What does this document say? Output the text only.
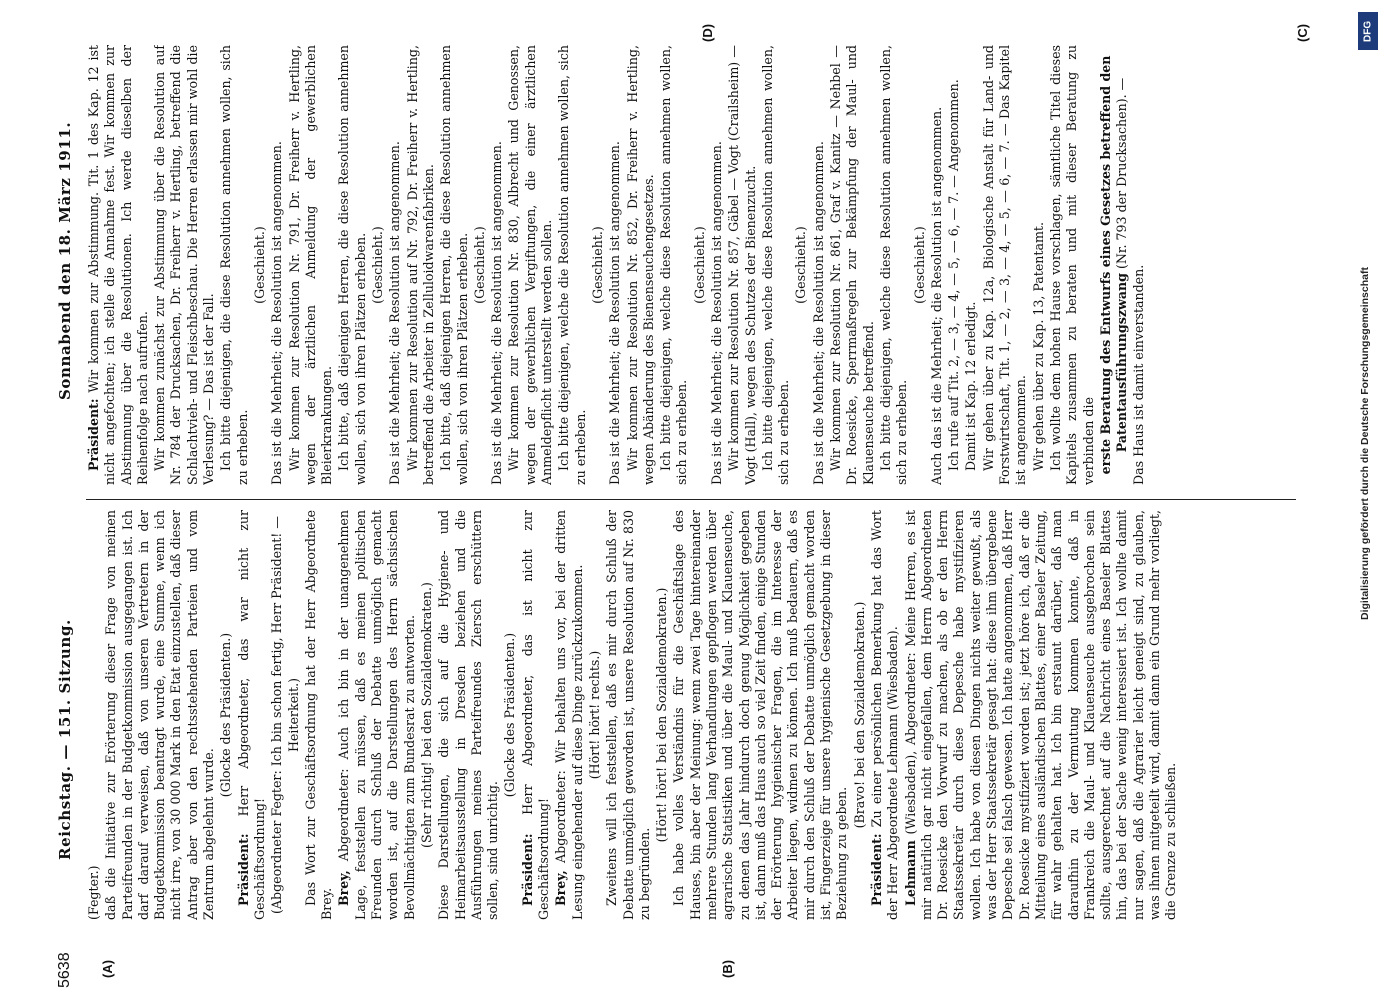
5638
Reichstag. — 151. Sitzung.
Sonnabend den 18. März 1911.
(A)	(B)
(C)
(D)

(Fegter.) daß die Initiative zur Erörterung dieser Frage von meinen Parteifreunden in der Budgetkommission ausgegangen ist. Ich darf darauf verweisen, daß von unseren Vertretern in der Budgetkommission beantragt wurde, eine Summe, wenn ich nicht irre, von 30 000 Mark in den Etat einzustellen, daß dieser Antrag aber von den rechtsstehenden Parteien und vom Zentrum abgelehnt wurde.

(Glocke des Präsidenten.)

Präsident: Herr Abgeordneter, das war nicht zur Geschäftsordnung! (Abgeordneter Fegter: Ich bin schon fertig, Herr Präsident! — Heiterkeit.) Das Wort zur Geschäftsordnung hat der Herr Abgeordnete Brey. Brey, Abgeordneter: Auch ich bin in der unangenehmen Lage, feststellen zu müssen, daß es meinen politischen Freunden durch Schluß der Debatte unmöglich gemacht worden ist, auf die Darstellungen des Herrn sächsischen Bevollmächtigten zum Bundesrat zu antworten. (Sehr richtig! bei den Sozialdemokraten.) Diese Darstellungen, die sich auf die Hygiene- und Heimarbeitsausstellung in Dresden beziehen und die Ausführungen meines Parteifreundes Ziersch erschüttern sollen, sind unrichtig.

(Glocke des Präsidenten.)

Präsident: Herr Abgeordneter, das ist nicht zur Geschäftsordnung! Brey, Abgeordneter: Wir behalten uns vor, bei der dritten Lesung eingehender auf diese Dinge zurückzukommen. (Hört! hört! rechts.) Zweitens will ich feststellen, daß es mir durch Schluß der Debatte unmöglich geworden ist, unsere Resolution auf Nr. 830 zu begründen.

(Hört! hört! bei den Sozialdemokraten.) Ich habe volles Verständnis für die Geschäftslage des Hauses, bin aber der Meinung: wenn zwei Tage hintereinander mehrere Stunden lang Verhandlungen gepflogen werden über agrarische Statistiken und über die Maul- und Klauenseuche, zu denen das Jahr hindurch doch genug Möglichkeit gegeben ist, dann muß das Haus auch so viel Zeit finden, einige Stunden der Erörterung hygienischer Fragen, die im Interesse der Arbeiter liegen, widmen zu können. Ich muß bedauern, daß es mir durch den Schluß der Debatte unmöglich gemacht worden ist, Fingerzeige für unsere hygienische Gesetzgebung in dieser Beziehung zu geben.

(Bravo! bei den Sozialdemokraten.)

Präsident: Zu einer persönlichen Bemerkung hat das Wort der Herr Abgeordnete Lehmann (Wiesbaden). Lehmann (Wiesbaden), Abgeordneter: Meine Herren, es ist mir natürlich gar nicht eingefallen, dem Herrn Abgeordneten Dr. Roesicke den Vorwurf zu machen, als ob er den Herrn Staatssekretär durch diese Depesche habe mystifizieren wollen. Ich habe von diesen Dingen nichts weiter gewußt, als was der Herr Staatssekretär gesagt hat: diese ihm übergebene Depesche sei falsch gewesen. Ich hatte angenommen, daß Herr Dr. Roesicke mystifiziert worden ist; jetzt höre ich, daß er die Mitteilung eines ausländischen Blattes, einer Baseler Zeitung, für wahr gehalten hat. Ich bin erstaunt darüber, daß man daraufhin zu der Vermutung kommen konnte, daß in Frankreich die Maul- und Klauenseuche ausgebrochen sein sollte, ausgerechnet auf die Nachricht eines Baseler Blattes hin, das bei der Sache wenig interessiert ist. Ich wollte damit nur sagen, daß die Agrarier leicht geneigt sind, zu glauben, was ihnen mitgeteilt wird, damit dann ein Grund mehr vorliegt, die Grenze zu schließen.

Präsident: Wir kommen zur Abstimmung. Tit. 1 des Kap. 12 ist nicht angefochten; ich stelle die Annahme fest. Wir kommen zur Abstimmung über die Resolutionen. Ich werde dieselben der Reihenfolge nach aufrufen. Wir kommen zunächst zur Abstimmung über die Resolution auf Nr. 784 der Drucksachen, Dr. Freiherr v. Hertling, betreffend die Schlachtvieh- und Fleischbeschau. Die Herren erlassen mir wohl die Verlesung? — Das ist der Fall. Ich bitte diejenigen, die diese Resolution annehmen wollen, sich zu erheben.

(Geschieht.) Das ist die Mehrheit; die Resolution ist angenommen. Wir kommen zur Resolution Nr. 791, Dr. Freiherr v. Hertling, wegen der ärztlichen Anmeldung der gewerblichen Bleierkrankungen. Ich bitte, daß diejenigen Herren, die diese Resolution annehmen wollen, sich von ihren Plätzen erheben. (Geschieht.) Das ist die Mehrheit; die Resolution ist angenommen. Wir kommen zur Resolution auf Nr. 792, Dr. Freiherr v. Hertling, betreffend die Arbeiter in Zelluloidwarenfabriken. Ich bitte, daß diejenigen Herren, die diese Resolution annehmen wollen, sich von ihren Plätzen erheben. (Geschieht.) Das ist die Mehrheit; die Resolution ist angenommen. Wir kommen zur Resolution Nr. 830, Albrecht und Genossen, wegen der gewerblichen Vergiftungen, die einer ärztlichen Anmeldepflicht unterstellt werden sollen. Ich bitte diejenigen, welche die Resolution annehmen wollen, sich zu erheben.

(Geschieht.) Das ist die Mehrheit; die Resolution ist angenommen. Wir kommen zur Resolution Nr. 852, Dr. Freiherr v. Hertling, wegen Abänderung des Bienenseuchengesetzes. Ich bitte diejenigen, welche diese Resolution annehmen wollen, sich zu erheben.

(Geschieht.) Das ist die Mehrheit; die Resolution ist angenommen. Wir kommen zur Resolution Nr. 857, Gäbel — Vogt (Crailsheim) — Vogt (Hall), wegen des Schutzes der Bienenzucht. Ich bitte diejenigen, welche diese Resolution annehmen wollen, sich zu erheben.

(Geschieht.) Das ist die Mehrheit; die Resolution ist angenommen. Wir kommen zur Resolution Nr. 861, Graf v. Kanitz — Nehbel — Dr. Roesicke, Sperrmaßregeln zur Bekämpfung der Maul- und Klauenseuche betreffend. Ich bitte diejenigen, welche diese Resolution annehmen wollen, sich zu erheben.

(Geschieht.) Auch das ist die Mehrheit; die Resolution ist angenommen. Ich rufe auf Tit. 2, — 3, — 4, — 5, — 6, — 7. — Angenommen. Damit ist Kap. 12 erledigt. Wir gehen über zu Kap. 12a, Biologische Anstalt für Land- und Forstwirtschaft, Tit. 1, — 2, — 3, — 4, — 5, — 6, — 7. — Das Kapitel ist angenommen. Wir gehen über zu Kap. 13, Patentamt. Ich wollte dem hohen Hause vorschlagen, sämtliche Titel dieses Kapitels zusammen zu beraten und mit dieser Beratung zu verbinden die erste Beratung des Entwurfs eines Gesetzes betreffend den Patentausführungszwang (Nr. 793 der Drucksachen). —

Das Haus ist damit einverstanden.

DFG
Digitalisierung gefördert durch die Deutsche Forschungsgemeinschaft
